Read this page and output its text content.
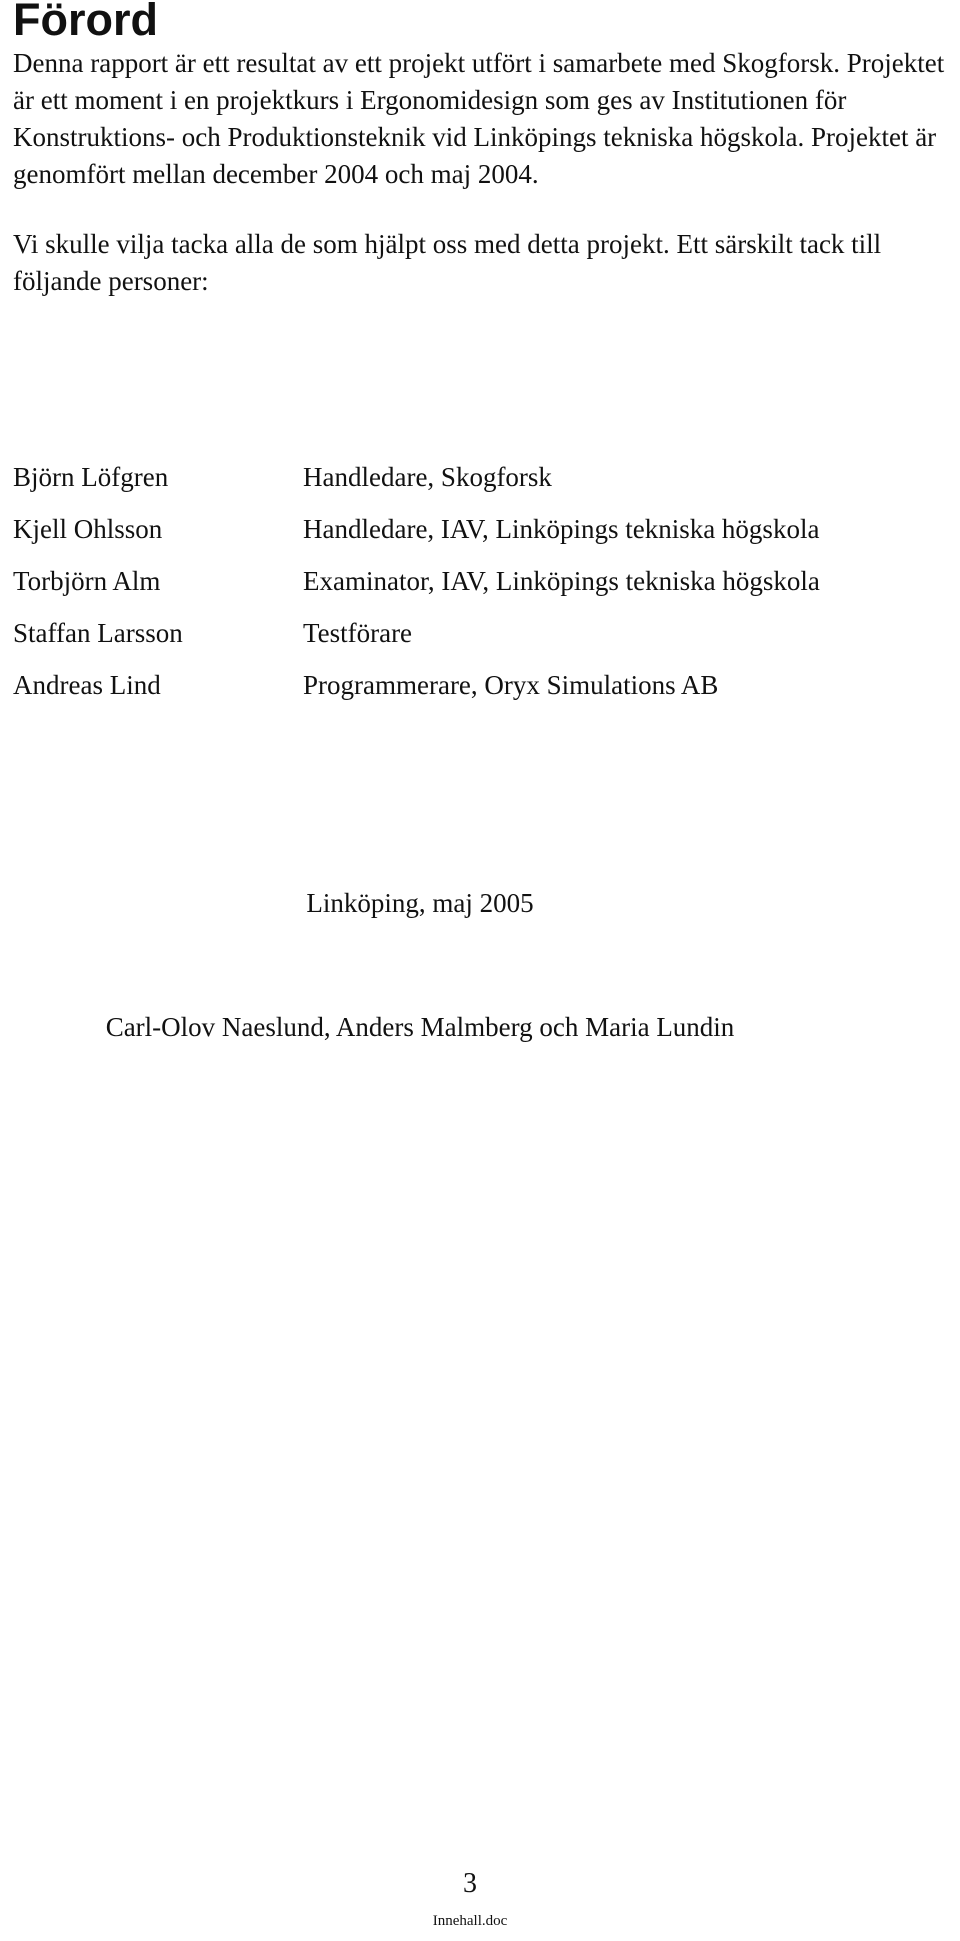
Förord

Denna rapport är ett resultat av ett projekt utfört i samarbete med Skogforsk. Projektet är ett moment i en projektkurs i Ergonomidesign som ges av Institutionen för Konstruktions- och Produktionsteknik vid Linköpings tekniska högskola. Projektet är genomfört mellan december 2004 och maj 2004.

Vi skulle vilja tacka alla de som hjälpt oss med detta projekt. Ett särskilt tack till följande personer:

Björn Löfgren	Handledare, Skogforsk
Kjell Ohlsson	Handledare, IAV, Linköpings tekniska högskola
Torbjörn Alm	Examinator, IAV, Linköpings tekniska högskola
Staffan Larsson	Testförare
Andreas Lind	Programmerare, Oryx Simulations AB
Linköping, maj 2005
Carl-Olov Naeslund, Anders Malmberg och Maria Lundin
3
Innehall.doc
